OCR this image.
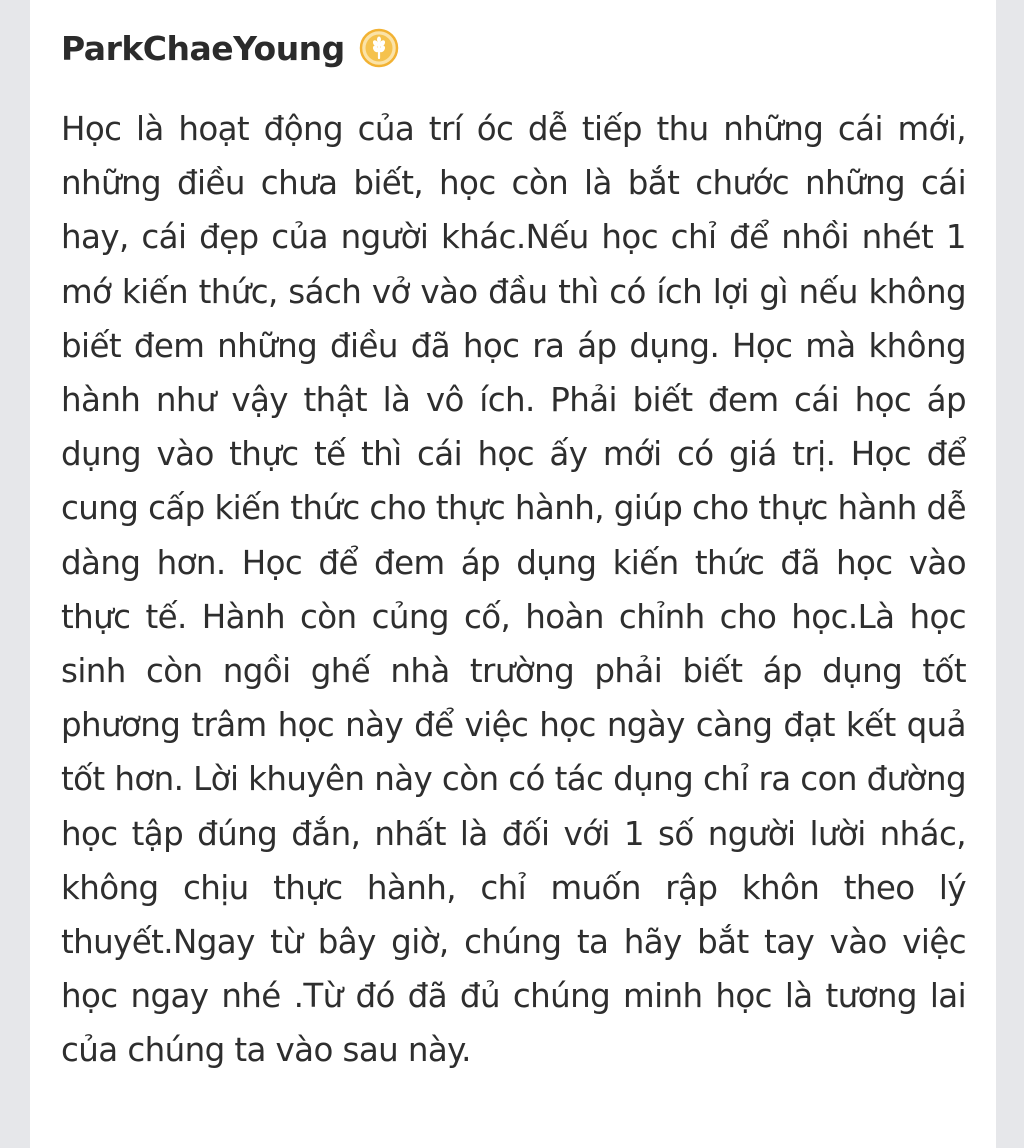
ParkChaeYoung

Học là hoạt động của trí óc dễ tiếp thu những cái mới, những điều chưa biết, học còn là bắt chước những cái hay, cái đẹp của người khác.Nếu học chỉ để nhồi nhét 1 mớ kiến thức, sách vở vào đầu thì có ích lợi gì nếu không biết đem những điều đã học ra áp dụng. Học mà không hành như vậy thật là vô ích. Phải biết đem cái học áp dụng vào thực tế thì cái học ấy mới có giá trị. Học để cung cấp kiến thức cho thực hành, giúp cho thực hành dễ dàng hơn. Học để đem áp dụng kiến thức đã học vào thực tế. Hành còn củng cố, hoàn chỉnh cho học.Là học sinh còn ngồi ghế nhà trường phải biết áp dụng tốt phương trâm học này để việc học ngày càng đạt kết quả tốt hơn. Lời khuyên này còn có tác dụng chỉ ra con đường học tập đúng đắn, nhất là đối với 1 số người lười nhác, không chịu thực hành, chỉ muốn rập khôn theo lý thuyết.Ngay từ bây giờ, chúng ta hãy bắt tay vào việc học ngay nhé .Từ đó đã đủ chúng minh học là tương lai của chúng ta vào sau này.
